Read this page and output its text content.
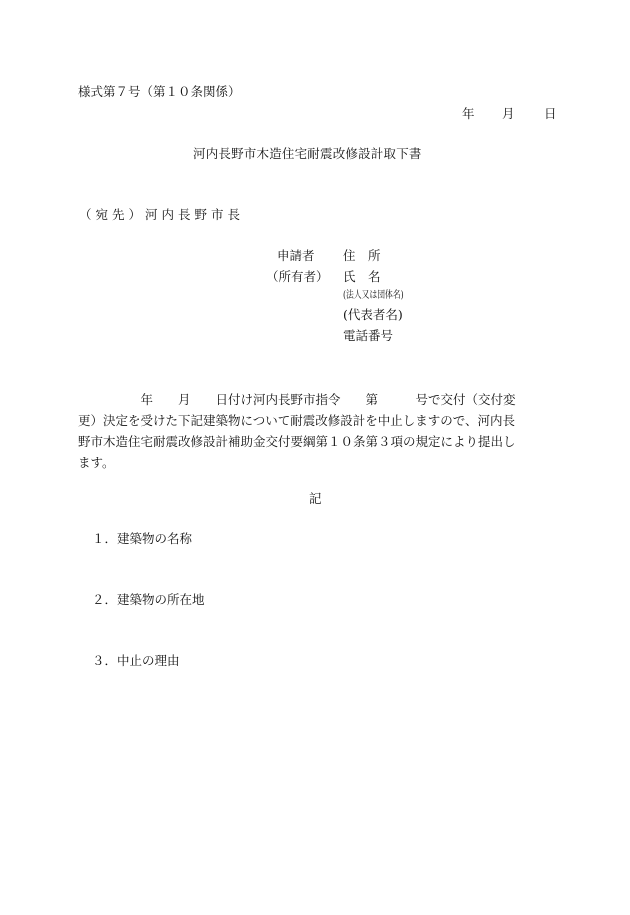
様式第７号（第１０条関係）
年 月 日
河内長野市木造住宅耐震改修設計取下書
（宛先）河内長野市長
申請者
（所有者）
住　所
氏　名
(法人又は団体名)
(代表者名)
電話番号
　　　　　年　　月　　日付け河内長野市指令　　第　　　号で交付（交付変
更）決定を受けた下記建築物について耐震改修設計を中止しますので、河内長
野市木造住宅耐震改修設計補助金交付要綱第１０条第３項の規定により提出し
ます。
記
１．建築物の名称
２．建築物の所在地
３．中止の理由
